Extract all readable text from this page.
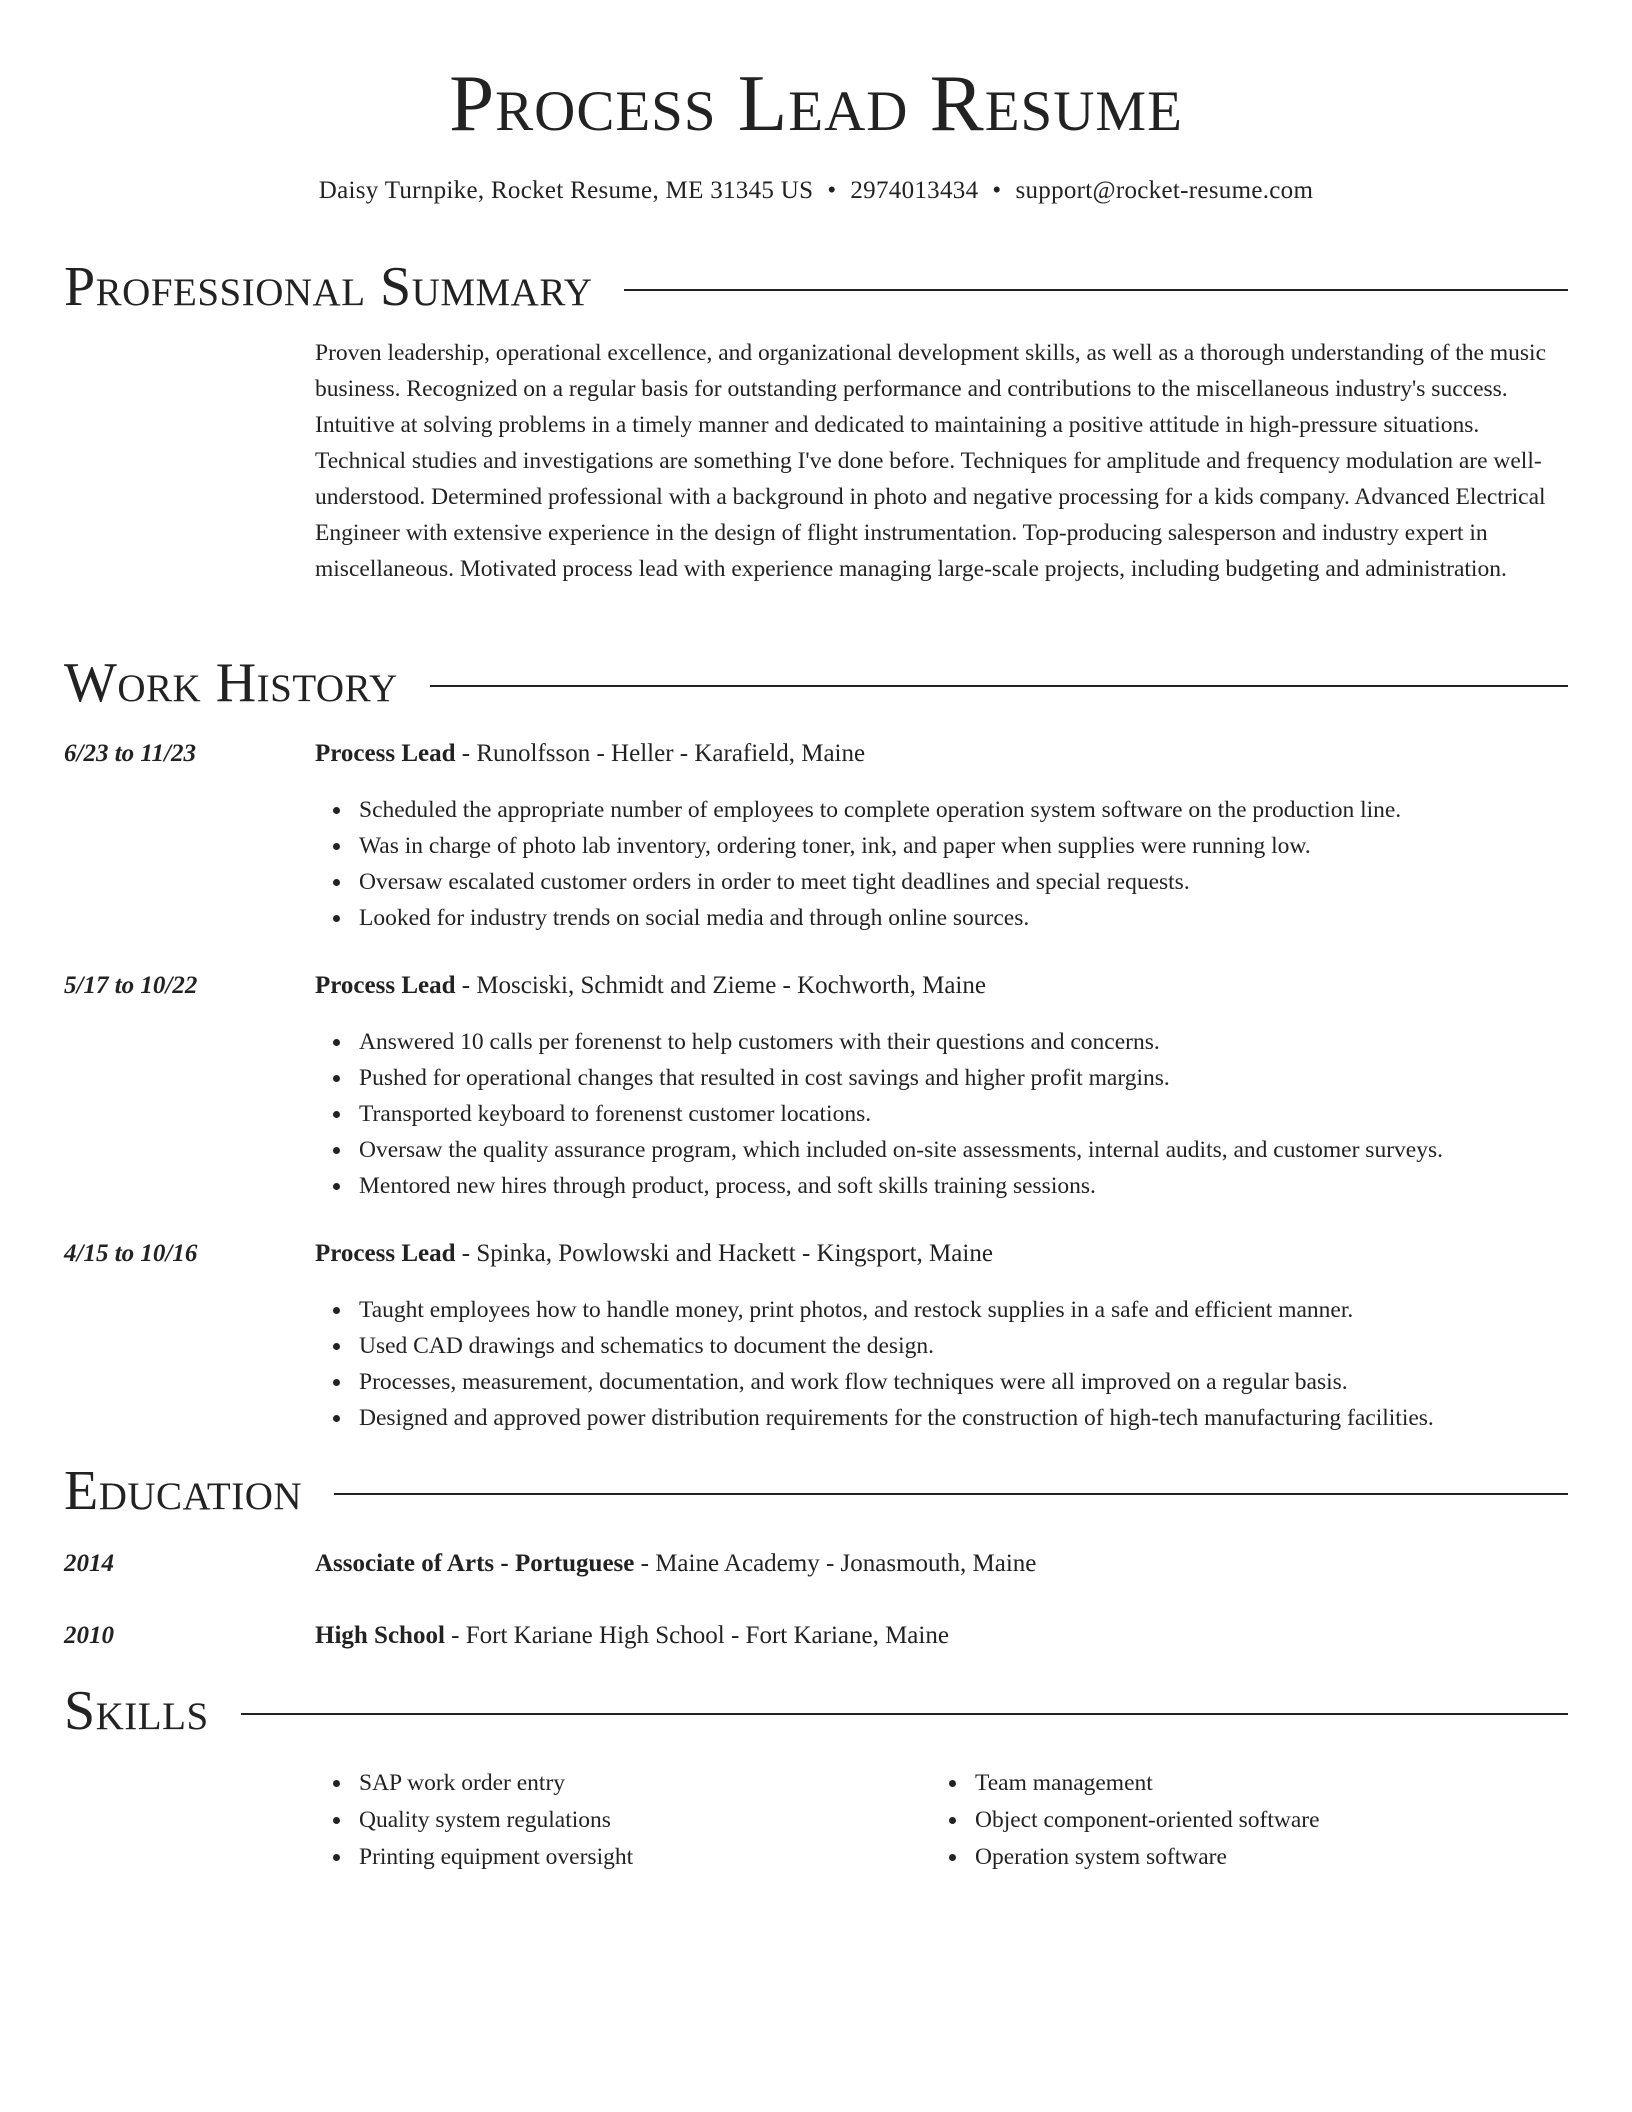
Process Lead Resume
Daisy Turnpike, Rocket Resume, ME 31345 US • 2974013434 • support@rocket-resume.com
Professional Summary

Proven leadership, operational excellence, and organizational development skills, as well as a thorough understanding of the music business. Recognized on a regular basis for outstanding performance and contributions to the miscellaneous industry's success. Intuitive at solving problems in a timely manner and dedicated to maintaining a positive attitude in high-pressure situations. Technical studies and investigations are something I've done before. Techniques for amplitude and frequency modulation are well-understood. Determined professional with a background in photo and negative processing for a kids company. Advanced Electrical Engineer with extensive experience in the design of flight instrumentation. Top-producing salesperson and industry expert in miscellaneous. Motivated process lead with experience managing large-scale projects, including budgeting and administration.

Work History
6/23 to 11/23	Process Lead - Runolfsson - Heller - Karafield, Maine
Scheduled the appropriate number of employees to complete operation system software on the production line.
Was in charge of photo lab inventory, ordering toner, ink, and paper when supplies were running low.
Oversaw escalated customer orders in order to meet tight deadlines and special requests.
Looked for industry trends on social media and through online sources.
5/17 to 10/22	Process Lead - Mosciski, Schmidt and Zieme - Kochworth, Maine
Answered 10 calls per forenenst to help customers with their questions and concerns.
Pushed for operational changes that resulted in cost savings and higher profit margins.
Transported keyboard to forenenst customer locations.
Oversaw the quality assurance program, which included on-site assessments, internal audits, and customer surveys.
Mentored new hires through product, process, and soft skills training sessions.
4/15 to 10/16	Process Lead - Spinka, Powlowski and Hackett - Kingsport, Maine
Taught employees how to handle money, print photos, and restock supplies in a safe and efficient manner.
Used CAD drawings and schematics to document the design.
Processes, measurement, documentation, and work flow techniques were all improved on a regular basis.
Designed and approved power distribution requirements for the construction of high-tech manufacturing facilities.
Education
2014	Associate of Arts - Portuguese - Maine Academy - Jonasmouth, Maine
2010	High School - Fort Kariane High School - Fort Kariane, Maine
Skills
SAP work order entry
Quality system regulations
Printing equipment oversight
Team management
Object component-oriented software
Operation system software
